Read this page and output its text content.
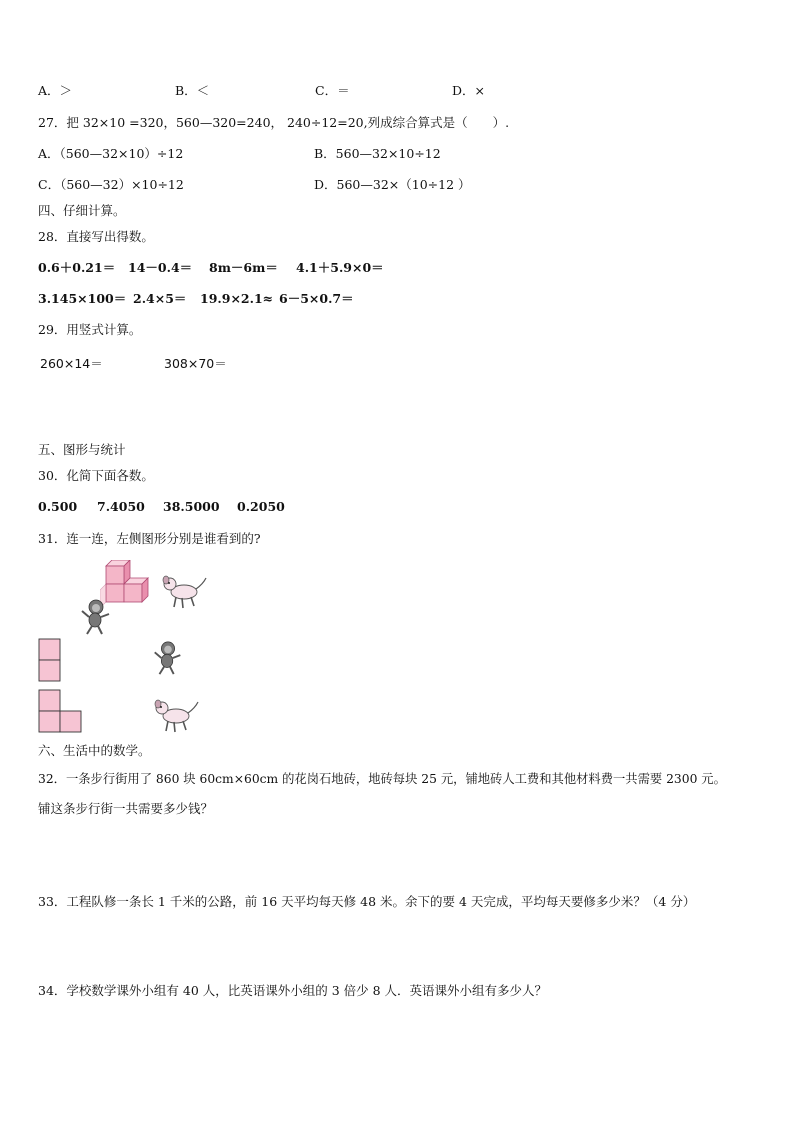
A．＞	B．＜	C．＝	D．×
27．把 32×10 =320，560—320=240， 240÷12=20,列成综合算式是（　　）.
A．（560—32×10）÷12	B．560—32×10÷12
C．（560—32）×10÷12	D．560—32×（10÷12 ）
四、仔细计算。
28．直接写出得数。
0.6＋0.21＝ 14－0.4＝ 8m－6m＝ 4.1＋5.9×0＝
3.145×100＝ 2.4×5＝ 19.9×2.1≈ 6－5×0.7＝
29．用竖式计算。
260×14＝	308×70＝
五、图形与统计
30．化简下面各数。
0.500 7.4050 38.5000 0.2050
31．连一连，左侧图形分别是谁看到的?
六、生活中的数学。
32．一条步行街用了 860 块 60cm×60cm 的花岗石地砖，地砖每块 25 元，铺地砖人工费和其他材料费一共需要 2300 元。
铺这条步行街一共需要多少钱？
33．工程队修一条长 1 千米的公路，前 16 天平均每天修 48 米。余下的要 4 天完成，平均每天要修多少米？（4 分）
34．学校数学课外小组有 40 人，比英语课外小组的 3 倍少 8 人．英语课外小组有多少人？
